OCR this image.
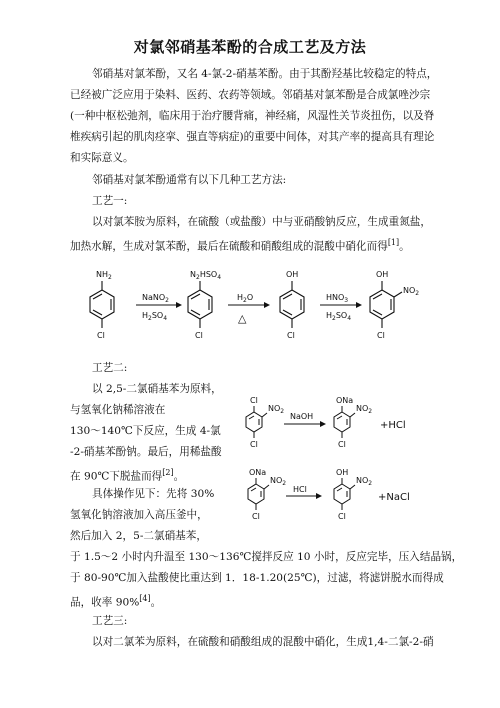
对氯邻硝基苯酚的合成工艺及方法
邻硝基对氯苯酚，又名 4-氯-2-硝基苯酚。由于其酚羟基比较稳定的特点，
已经被广泛应用于染料、医药、农药等领域。邻硝基对氯苯酚是合成氯唑沙宗
(一种中枢松弛剂，临床用于治疗腰背痛，神经痛，风湿性关节炎扭伤，以及脊
椎疾病引起的肌肉痉挛、强直等病症)的重要中间体，对其产率的提高具有理论
和实际意义。
邻硝基对氯苯酚通常有以下几种工艺方法:
工艺一:
以对氯苯胺为原料，在硫酸（或盐酸）中与亚硝酸钠反应，生成重氮盐，
加热水解，生成对氯苯酚，最后在硫酸和硝酸组成的混酸中硝化而得[1]。
$NH_2$
Cl
$N_2HSO_4$
Cl
OH
Cl
OH
$NO_2$
Cl
NaNO$_2$
$H_2SO_4$
$H_2O$
△
$HNO_3$
$H_2SO_4$
工艺二:
以 2,5-二氯硝基苯为原料，
与氢氧化钠稀溶液在
130～140℃下反应，生成 4-氯
-2-硝基苯酚钠。最后，用稀盐酸
在 90℃下脱盐而得[2]。
具体操作见下：先将 30%
氢氧化钠溶液加入高压釜中，
然后加入 2，5-二氯硝基苯，
于 1.5～2 小时内升温至 130～136℃搅拌反应 10 小时，反应完毕，压入结晶锅，
于 80-90℃加入盐酸使比重达到 1．18-1.20(25℃)，过滤，将滤饼脱水而得成
品，收率 90%[4]。
Cl
$NO_2$
Cl
NaOH
ONa
$NO_2$
Cl
+HCl
ONa
$NO_2$
Cl
HCl
OH
$NO_2$
Cl
+NaCl
工艺三:
以对二氯苯为原料，在硫酸和硝酸组成的混酸中硝化，生成1,4-二氯-2-硝
